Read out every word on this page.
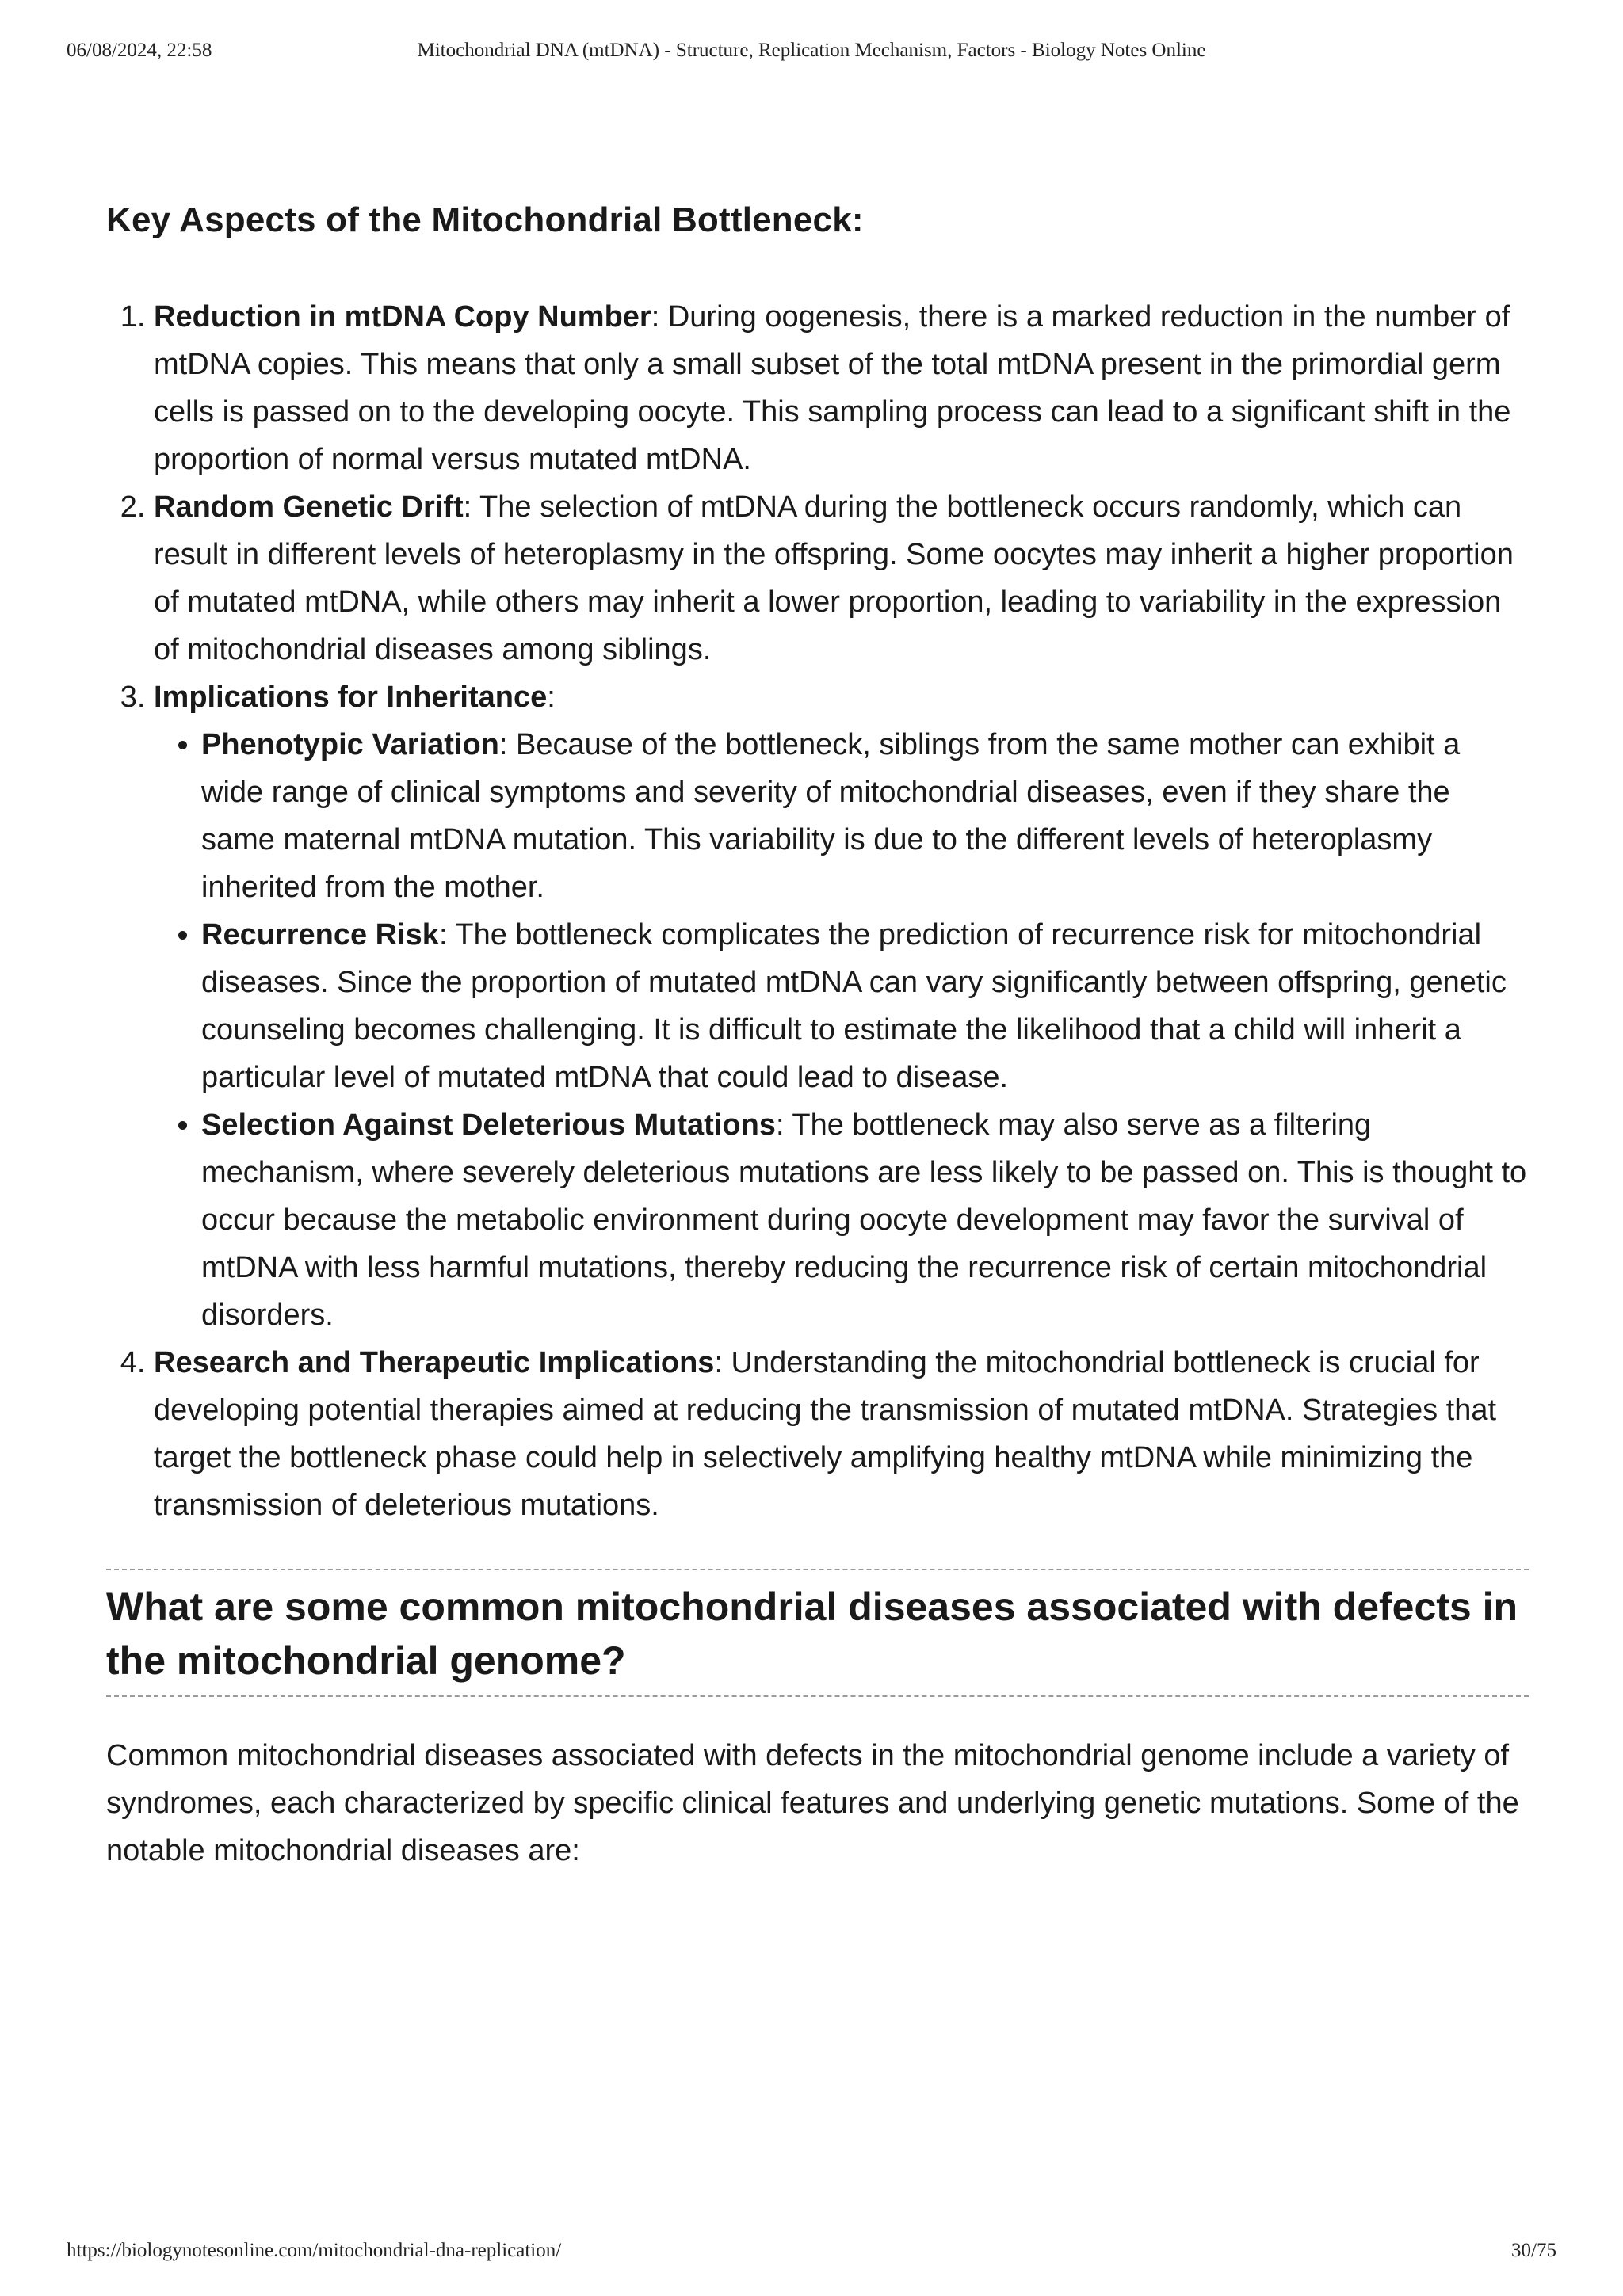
06/08/2024, 22:58	Mitochondrial DNA (mtDNA) - Structure, Replication Mechanism, Factors - Biology Notes Online
Key Aspects of the Mitochondrial Bottleneck:
1. Reduction in mtDNA Copy Number: During oogenesis, there is a marked reduction in the number of mtDNA copies. This means that only a small subset of the total mtDNA present in the primordial germ cells is passed on to the developing oocyte. This sampling process can lead to a significant shift in the proportion of normal versus mutated mtDNA.
2. Random Genetic Drift: The selection of mtDNA during the bottleneck occurs randomly, which can result in different levels of heteroplasmy in the offspring. Some oocytes may inherit a higher proportion of mutated mtDNA, while others may inherit a lower proportion, leading to variability in the expression of mitochondrial diseases among siblings.
3. Implications for Inheritance:
• Phenotypic Variation: Because of the bottleneck, siblings from the same mother can exhibit a wide range of clinical symptoms and severity of mitochondrial diseases, even if they share the same maternal mtDNA mutation. This variability is due to the different levels of heteroplasmy inherited from the mother.
• Recurrence Risk: The bottleneck complicates the prediction of recurrence risk for mitochondrial diseases. Since the proportion of mutated mtDNA can vary significantly between offspring, genetic counseling becomes challenging. It is difficult to estimate the likelihood that a child will inherit a particular level of mutated mtDNA that could lead to disease.
• Selection Against Deleterious Mutations: The bottleneck may also serve as a filtering mechanism, where severely deleterious mutations are less likely to be passed on. This is thought to occur because the metabolic environment during oocyte development may favor the survival of mtDNA with less harmful mutations, thereby reducing the recurrence risk of certain mitochondrial disorders.
4. Research and Therapeutic Implications: Understanding the mitochondrial bottleneck is crucial for developing potential therapies aimed at reducing the transmission of mutated mtDNA. Strategies that target the bottleneck phase could help in selectively amplifying healthy mtDNA while minimizing the transmission of deleterious mutations.
What are some common mitochondrial diseases associated with defects in the mitochondrial genome?

Common mitochondrial diseases associated with defects in the mitochondrial genome include a variety of syndromes, each characterized by specific clinical features and underlying genetic mutations. Some of the notable mitochondrial diseases are:

https://biologynotesonline.com/mitochondrial-dna-replication/	30/75
